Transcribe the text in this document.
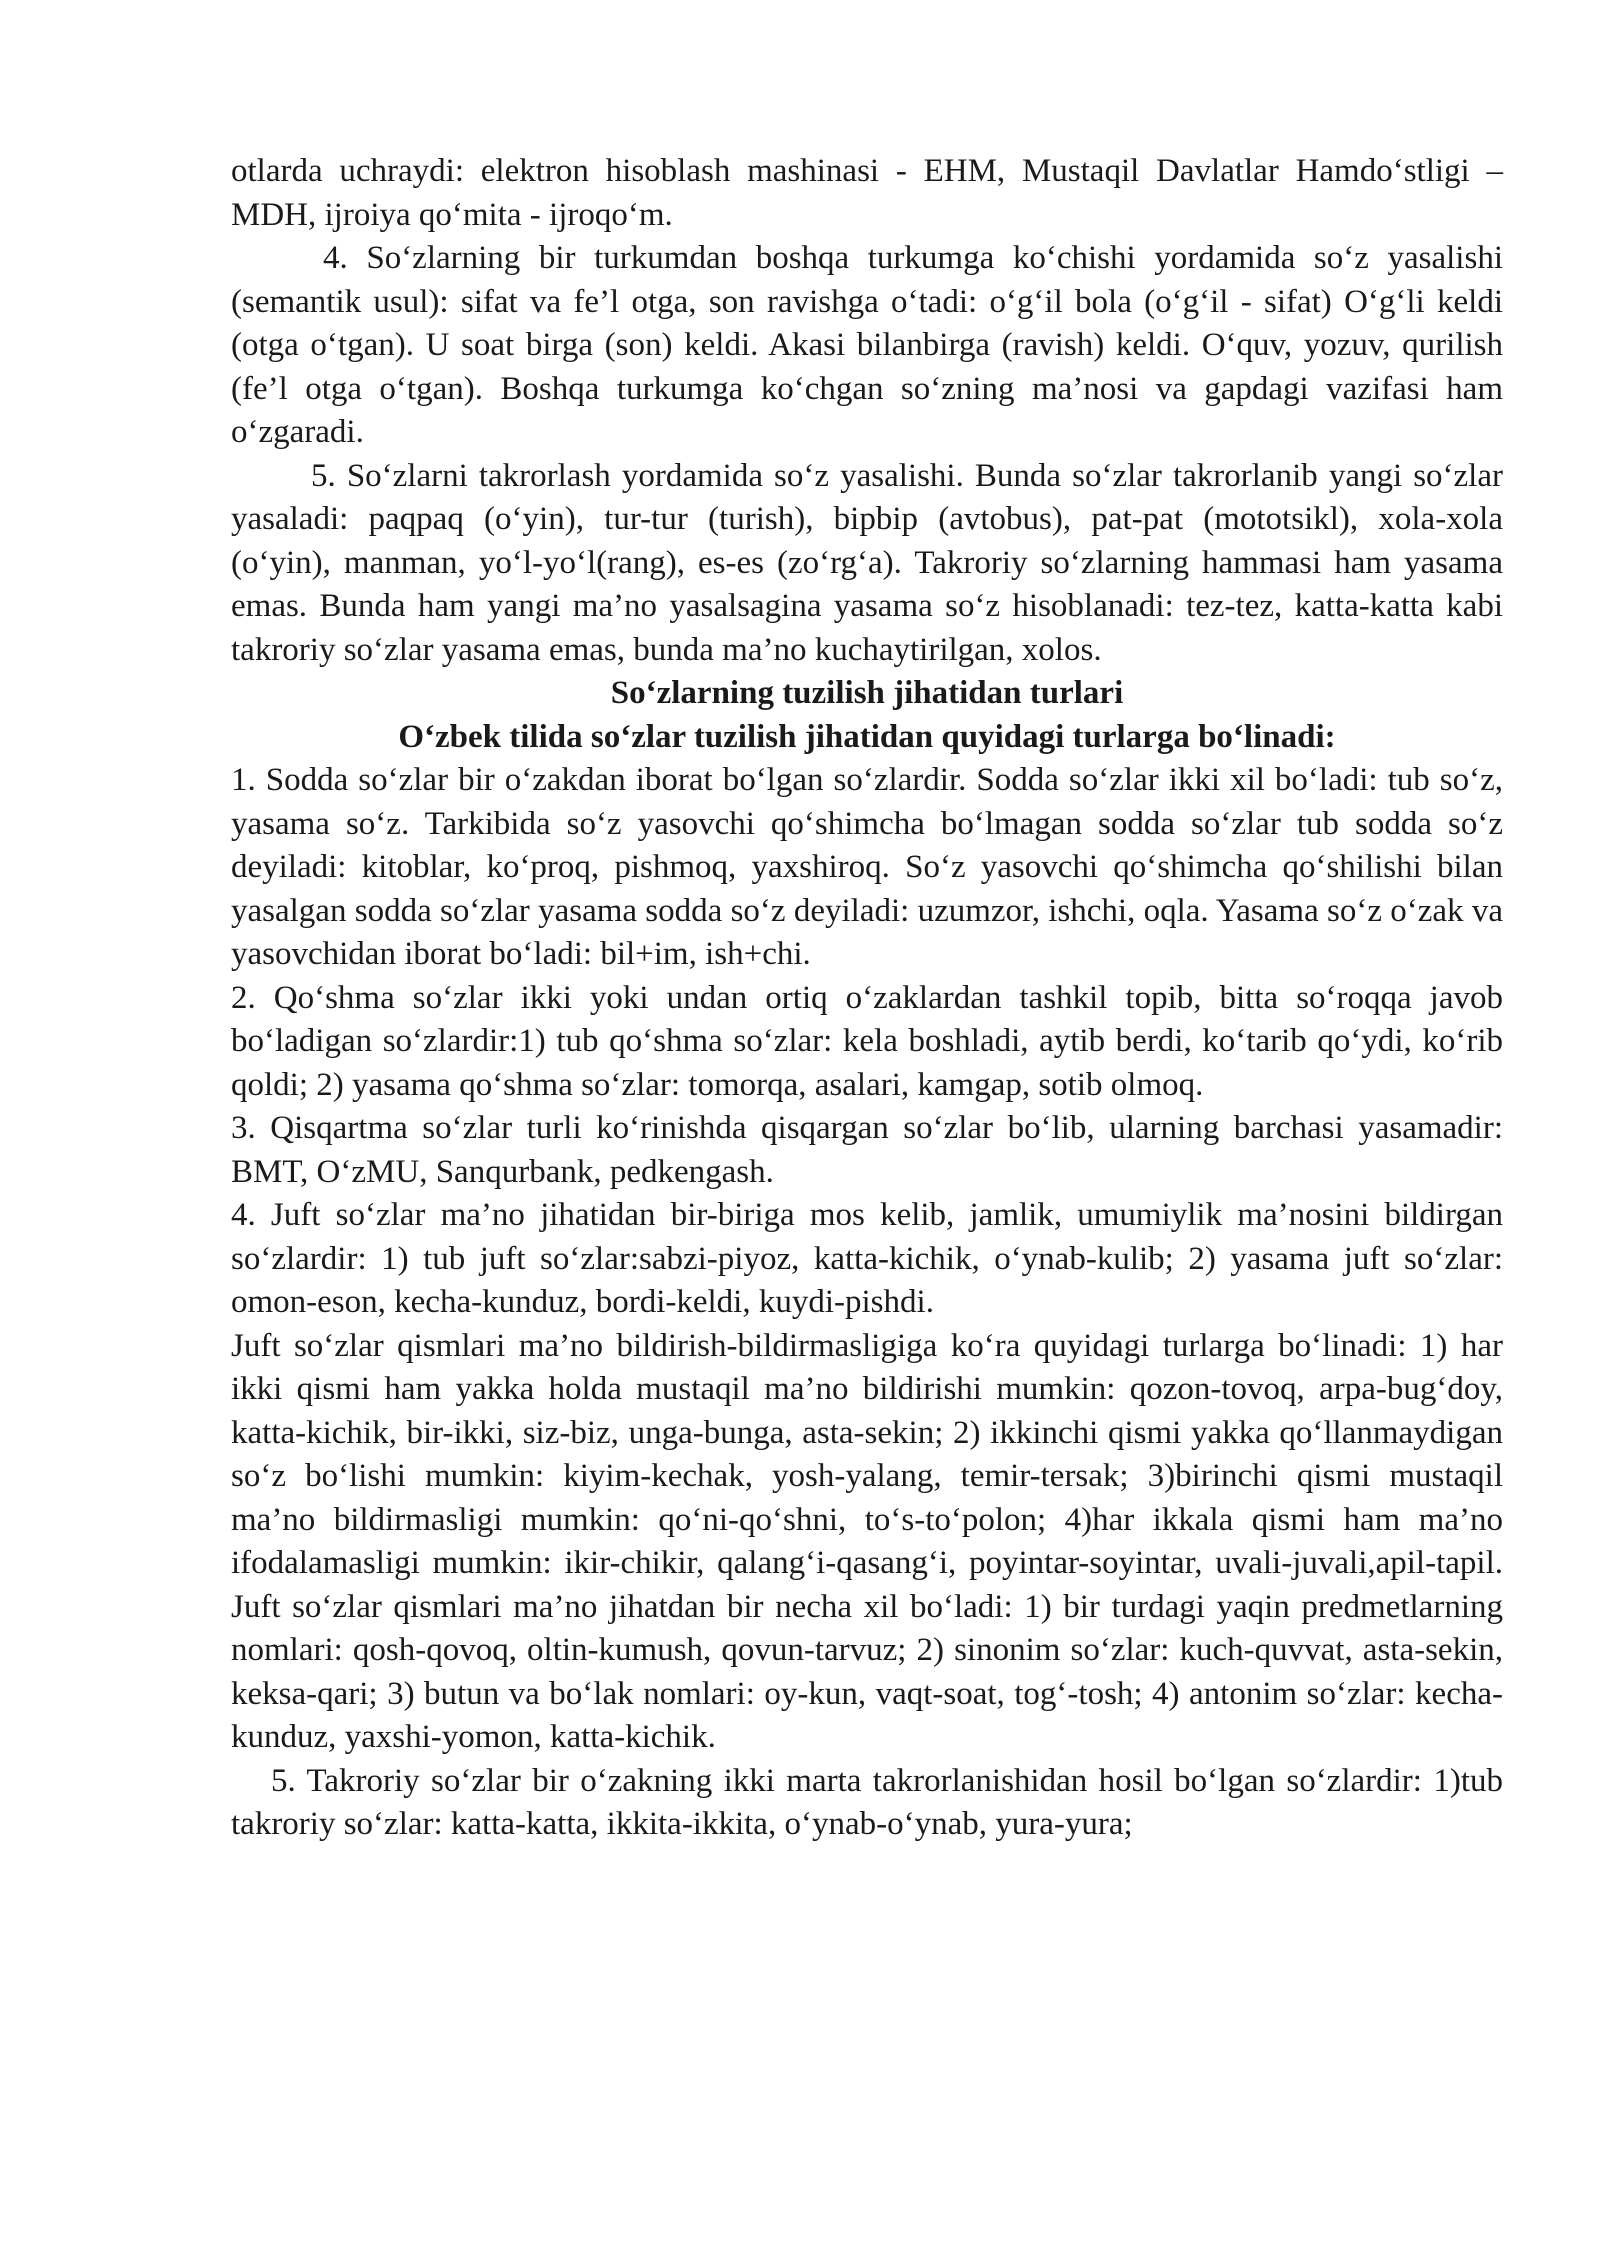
otlarda uchraydi: elektron hisoblash mashinasi - EHM, Mustaqil Davlatlar Hamdo‘stligi – MDH, ijroiya qo‘mita - ijroqo‘m.

4. So‘zlarning bir turkumdan boshqa turkumga ko‘chishi yordamida so‘z yasalishi (semantik usul): sifat va fe’l otga, son ravishga o‘tadi: o‘g‘il bola (o‘g‘il - sifat) O‘g‘li keldi (otga o‘tgan). U soat birga (son) keldi. Akasi bilanbirga (ravish) keldi. O‘quv, yozuv, qurilish (fe’l otga o‘tgan). Boshqa turkumga ko‘chgan so‘zning ma’nosi va gapdagi vazifasi ham o‘zgaradi.

5. So‘zlarni takrorlash yordamida so‘z yasalishi. Bunda so‘zlar takrorlanib yangi so‘zlar yasaladi: paqpaq (o‘yin), tur-tur (turish), bipbip (avtobus), pat-pat (mototsikl), xola-xola (o‘yin), manman, yo‘l-yo‘l(rang), es-es (zo‘rg‘a). Takroriy so‘zlarning hammasi ham yasama emas. Bunda ham yangi ma’no yasalsagina yasama so‘z hisoblanadi: tez-tez, katta-katta kabi takroriy so‘zlar yasama emas, bunda ma’no kuchaytirilgan, xolos.

So‘zlarning tuzilish jihatidan turlari
O‘zbek tilida so‘zlar tuzilish jihatidan quyidagi turlarga bo‘linadi:

1. Sodda so‘zlar bir o‘zakdan iborat bo‘lgan so‘zlardir. Sodda so‘zlar ikki xil bo‘ladi: tub so‘z, yasama so‘z. Tarkibida so‘z yasovchi qo‘shimcha bo‘lmagan sodda so‘zlar tub sodda so‘z deyiladi: kitoblar, ko‘proq, pishmoq, yaxshiroq. So‘z yasovchi qo‘shimcha qo‘shilishi bilan yasalgan sodda so‘zlar yasama sodda so‘z deyiladi: uzumzor, ishchi, oqla. Yasama so‘z o‘zak va yasovchidan iborat bo‘ladi: bil+im, ish+chi.

2. Qo‘shma so‘zlar ikki yoki undan ortiq o‘zaklardan tashkil topib, bitta so‘roqqa javob bo‘ladigan so‘zlardir:1) tub qo‘shma so‘zlar: kela boshladi, aytib berdi, ko‘tarib qo‘ydi, ko‘rib qoldi; 2) yasama qo‘shma so‘zlar: tomorqa, asalari, kamgap, sotib olmoq.

3. Qisqartma so‘zlar turli ko‘rinishda qisqargan so‘zlar bo‘lib, ularning barchasi yasamadir: BMT, O‘zMU, Sanqurbank, pedkengash.

4. Juft so‘zlar ma’no jihatidan bir-biriga mos kelib, jamlik, umumiylik ma’nosini bildirgan so‘zlardir: 1) tub juft so‘zlar:sabzi-piyoz, katta-kichik, o‘ynab-kulib; 2) yasama juft so‘zlar: omon-eson, kecha-kunduz, bordi-keldi, kuydi-pishdi.

Juft so‘zlar qismlari ma’no bildirish-bildirmasligiga ko‘ra quyidagi turlarga bo‘linadi: 1) har ikki qismi ham yakka holda mustaqil ma’no bildirishi mumkin: qozon-tovoq, arpa-bug‘doy, katta-kichik, bir-ikki, siz-biz, unga-bunga, asta-sekin; 2) ikkinchi qismi yakka qo‘llanmaydigan so‘z bo‘lishi mumkin: kiyim-kechak, yosh-yalang, temir-tersak; 3)birinchi qismi mustaqil ma’no bildirmasligi mumkin: qo‘ni-qo‘shni, to‘s-to‘polon; 4)har ikkala qismi ham ma’no ifodalamasligi mumkin: ikir-chikir, qalang‘i-qasang‘i, poyintar-soyintar, uvali-juvali,apil-tapil. Juft so‘zlar qismlari ma’no jihatdan bir necha xil bo‘ladi: 1) bir turdagi yaqin predmetlarning nomlari: qosh-qovoq, oltin-kumush, qovun-tarvuz; 2) sinonim so‘zlar: kuch-quvvat, asta-sekin, keksa-qari; 3) butun va bo‘lak nomlari: oy-kun, vaqt-soat, tog‘-tosh; 4) antonim so‘zlar: kecha-kunduz, yaxshi-yomon, katta-kichik.

5. Takroriy so‘zlar bir o‘zakning ikki marta takrorlanishidan hosil bo‘lgan so‘zlardir: 1)tub takroriy so‘zlar: katta-katta, ikkita-ikkita, o‘ynab-o‘ynab, yura-yura;
